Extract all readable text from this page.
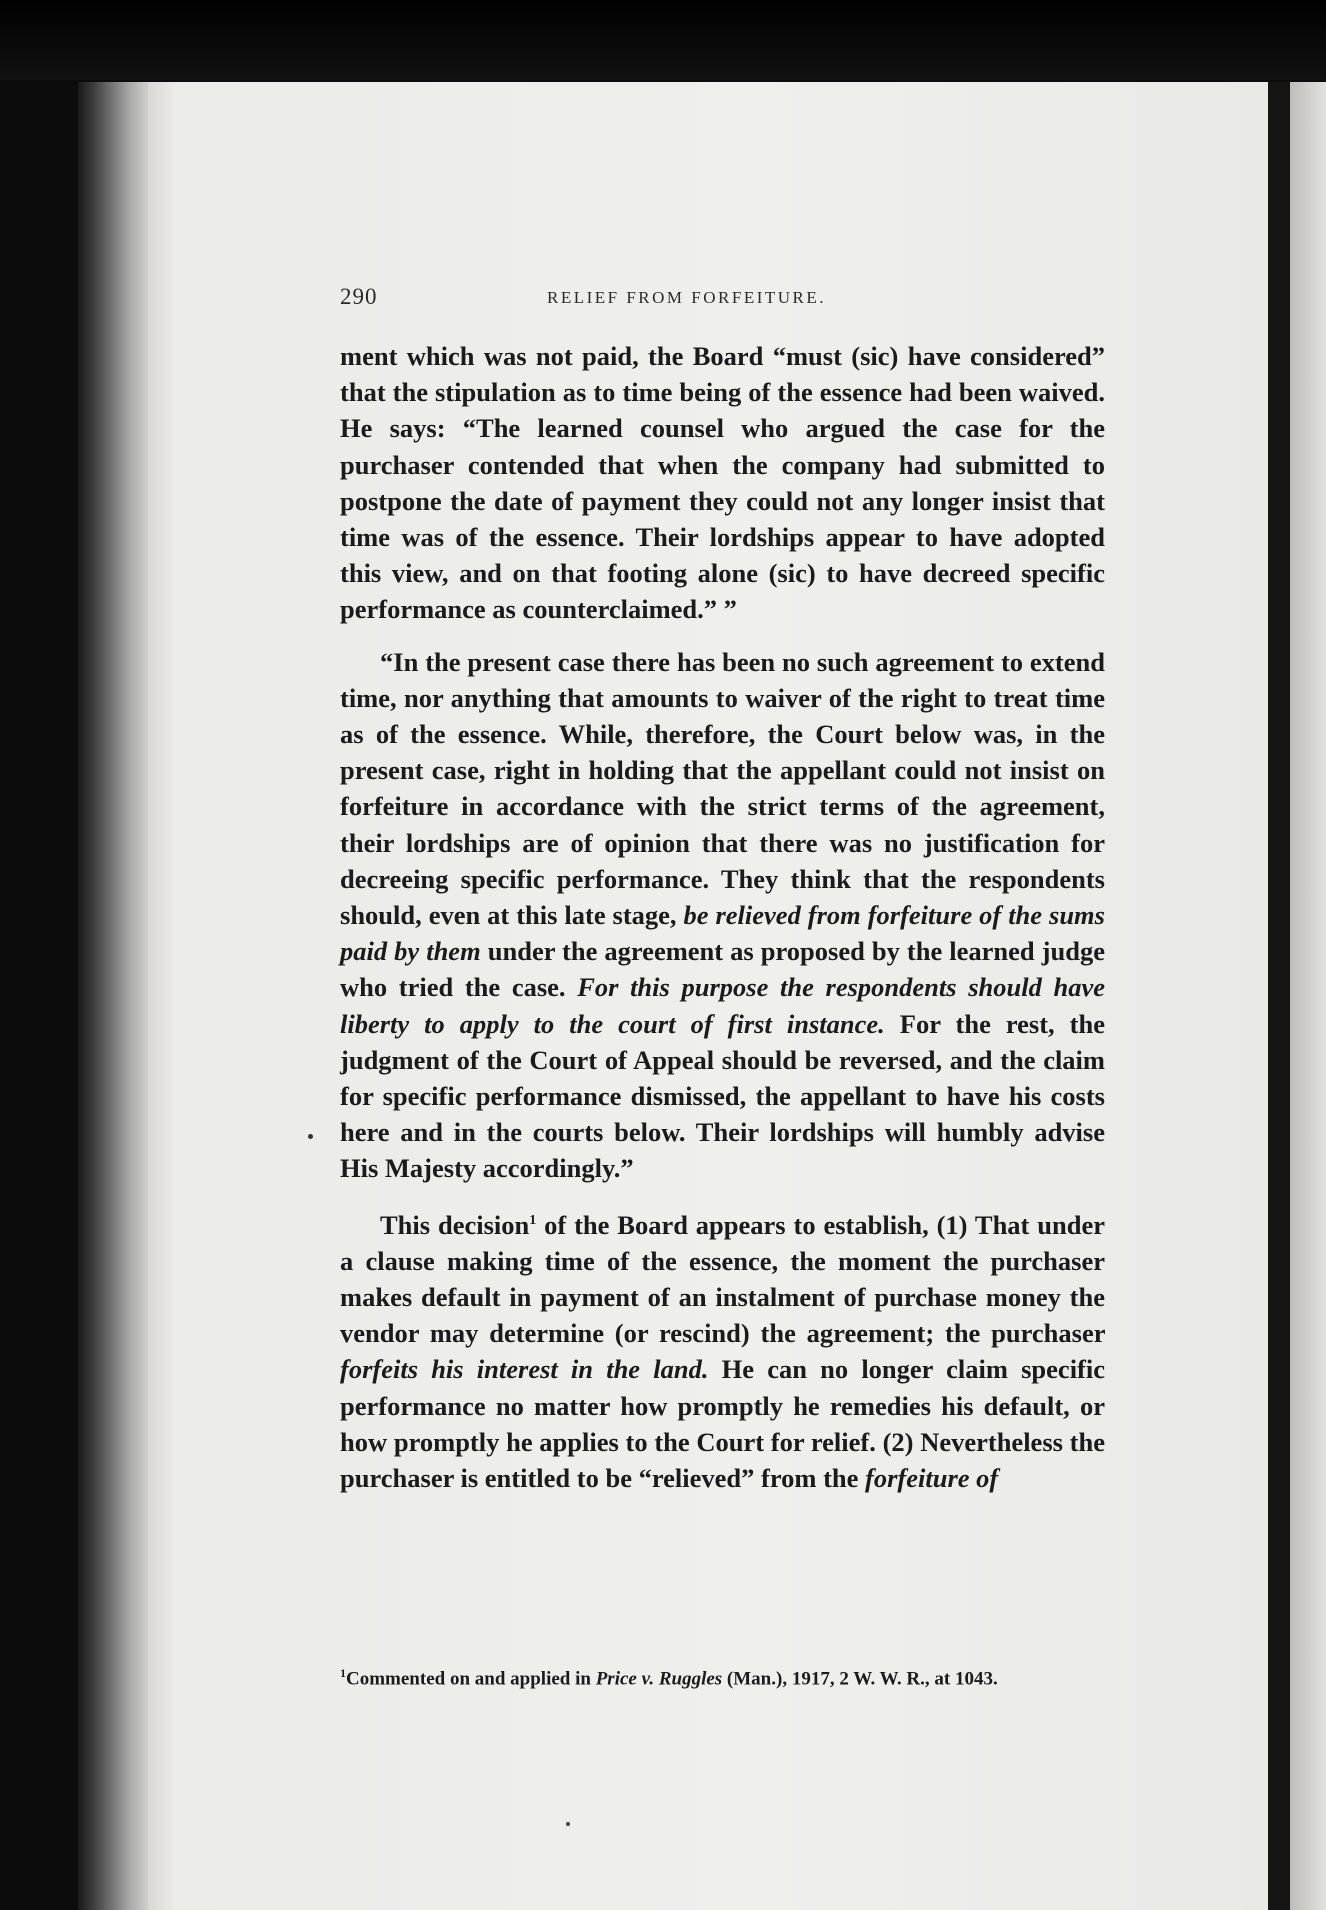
290	RELIEF FROM FORFEITURE.

ment which was not paid, the Board “must (sic) have considered” that the stipulation as to time being of the essence had been waived. He says: “The learned counsel who argued the case for the purchaser contended that when the company had submitted to postpone the date of payment they could not any longer insist that time was of the essence. Their lordships appear to have adopted this view, and on that footing alone (sic) to have decreed specific performance as counterclaimed.” ”

“In the present case there has been no such agreement to extend time, nor anything that amounts to waiver of the right to treat time as of the essence. While, therefore, the Court below was, in the present case, right in holding that the appellant could not insist on forfeiture in accordance with the strict terms of the agreement, their lordships are of opinion that there was no justification for decreeing specific performance. They think that the respondents should, even at this late stage, be relieved from forfeiture of the sums paid by them under the agreement as proposed by the learned judge who tried the case. For this purpose the respondents should have liberty to apply to the court of first instance. For the rest, the judgment of the Court of Appeal should be reversed, and the claim for specific performance dismissed, the appellant to have his costs here and in the courts below. Their lordships will humbly advise His Majesty accordingly.”

This decision$^1$ of the Board appears to establish, (1) That under a clause making time of the essence, the moment the purchaser makes default in payment of an instalment of purchase money the vendor may determine (or rescind) the agreement; the purchaser forfeits his interest in the land. He can no longer claim specific performance no matter how promptly he remedies his default, or how promptly he applies to the Court for relief. (2) Nevertheless the purchaser is entitled to be “relieved” from the forfeiture of

$^1$Commented on and applied in Price v. Ruggles (Man.), 1917, 2 W. W. R., at 1043.
